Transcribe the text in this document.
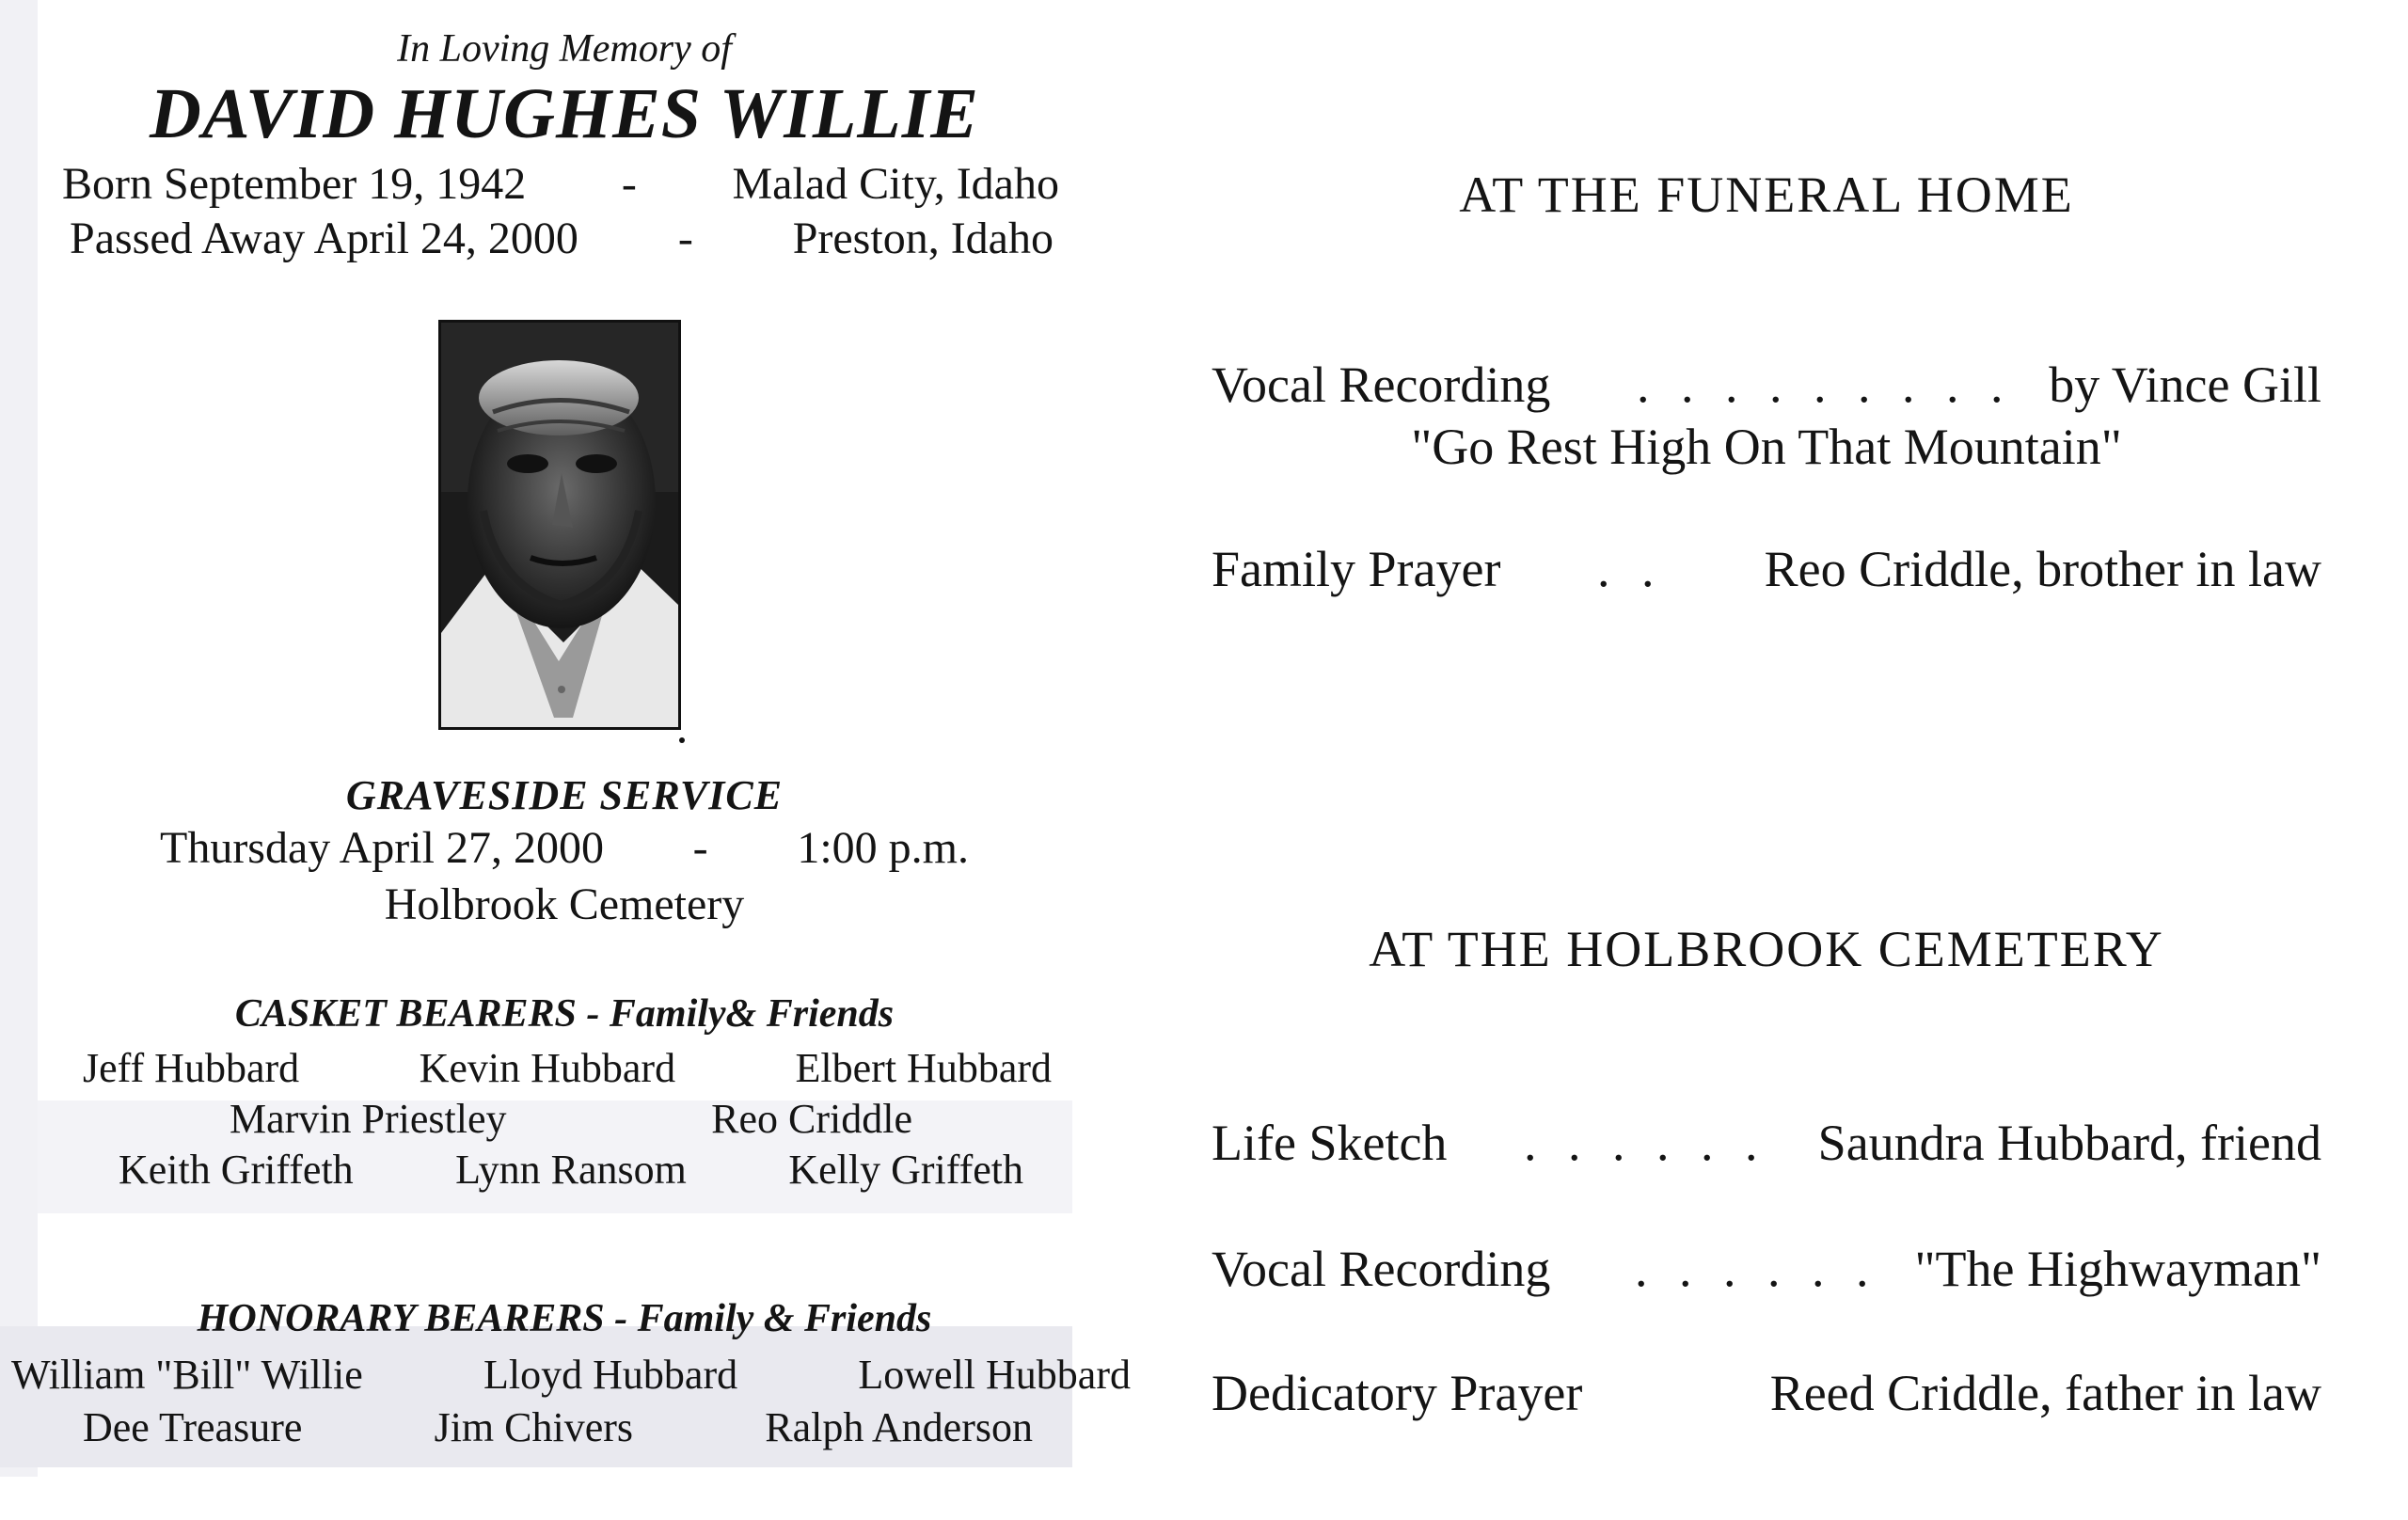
In Loving Memory of
DAVID HUGHES WILLIE
Born September 19, 1942 - Malad City, Idaho
Passed Away April 24, 2000 - Preston, Idaho
GRAVESIDE SERVICE
Thursday April 27, 2000 - 1:00 p.m.
Holbrook Cemetery
CASKET BEARERS - Family& Friends
Jeff Hubbard	Kevin Hubbard	Elbert Hubbard
Marvin Priestley	Reo Criddle
Keith Griffeth Lynn Ransom Kelly Griffeth
HONORARY BEARERS - Family & Friends
William "Bill" Willie	Lloyd Hubbard	Lowell Hubbard
Dee Treasure	Jim Chivers	Ralph Anderson
AT THE FUNERAL HOME
Vocal Recording . . . . . . . . . by Vince Gill
"Go Rest High On That Mountain"
Family Prayer . . Reo Criddle, brother in law
AT THE HOLBROOK CEMETERY
Life Sketch . . . . . . Saundra Hubbard, friend
Vocal Recording . . . . . . "The Highwayman"
Dedicatory Prayer	Reed Criddle, father in law
